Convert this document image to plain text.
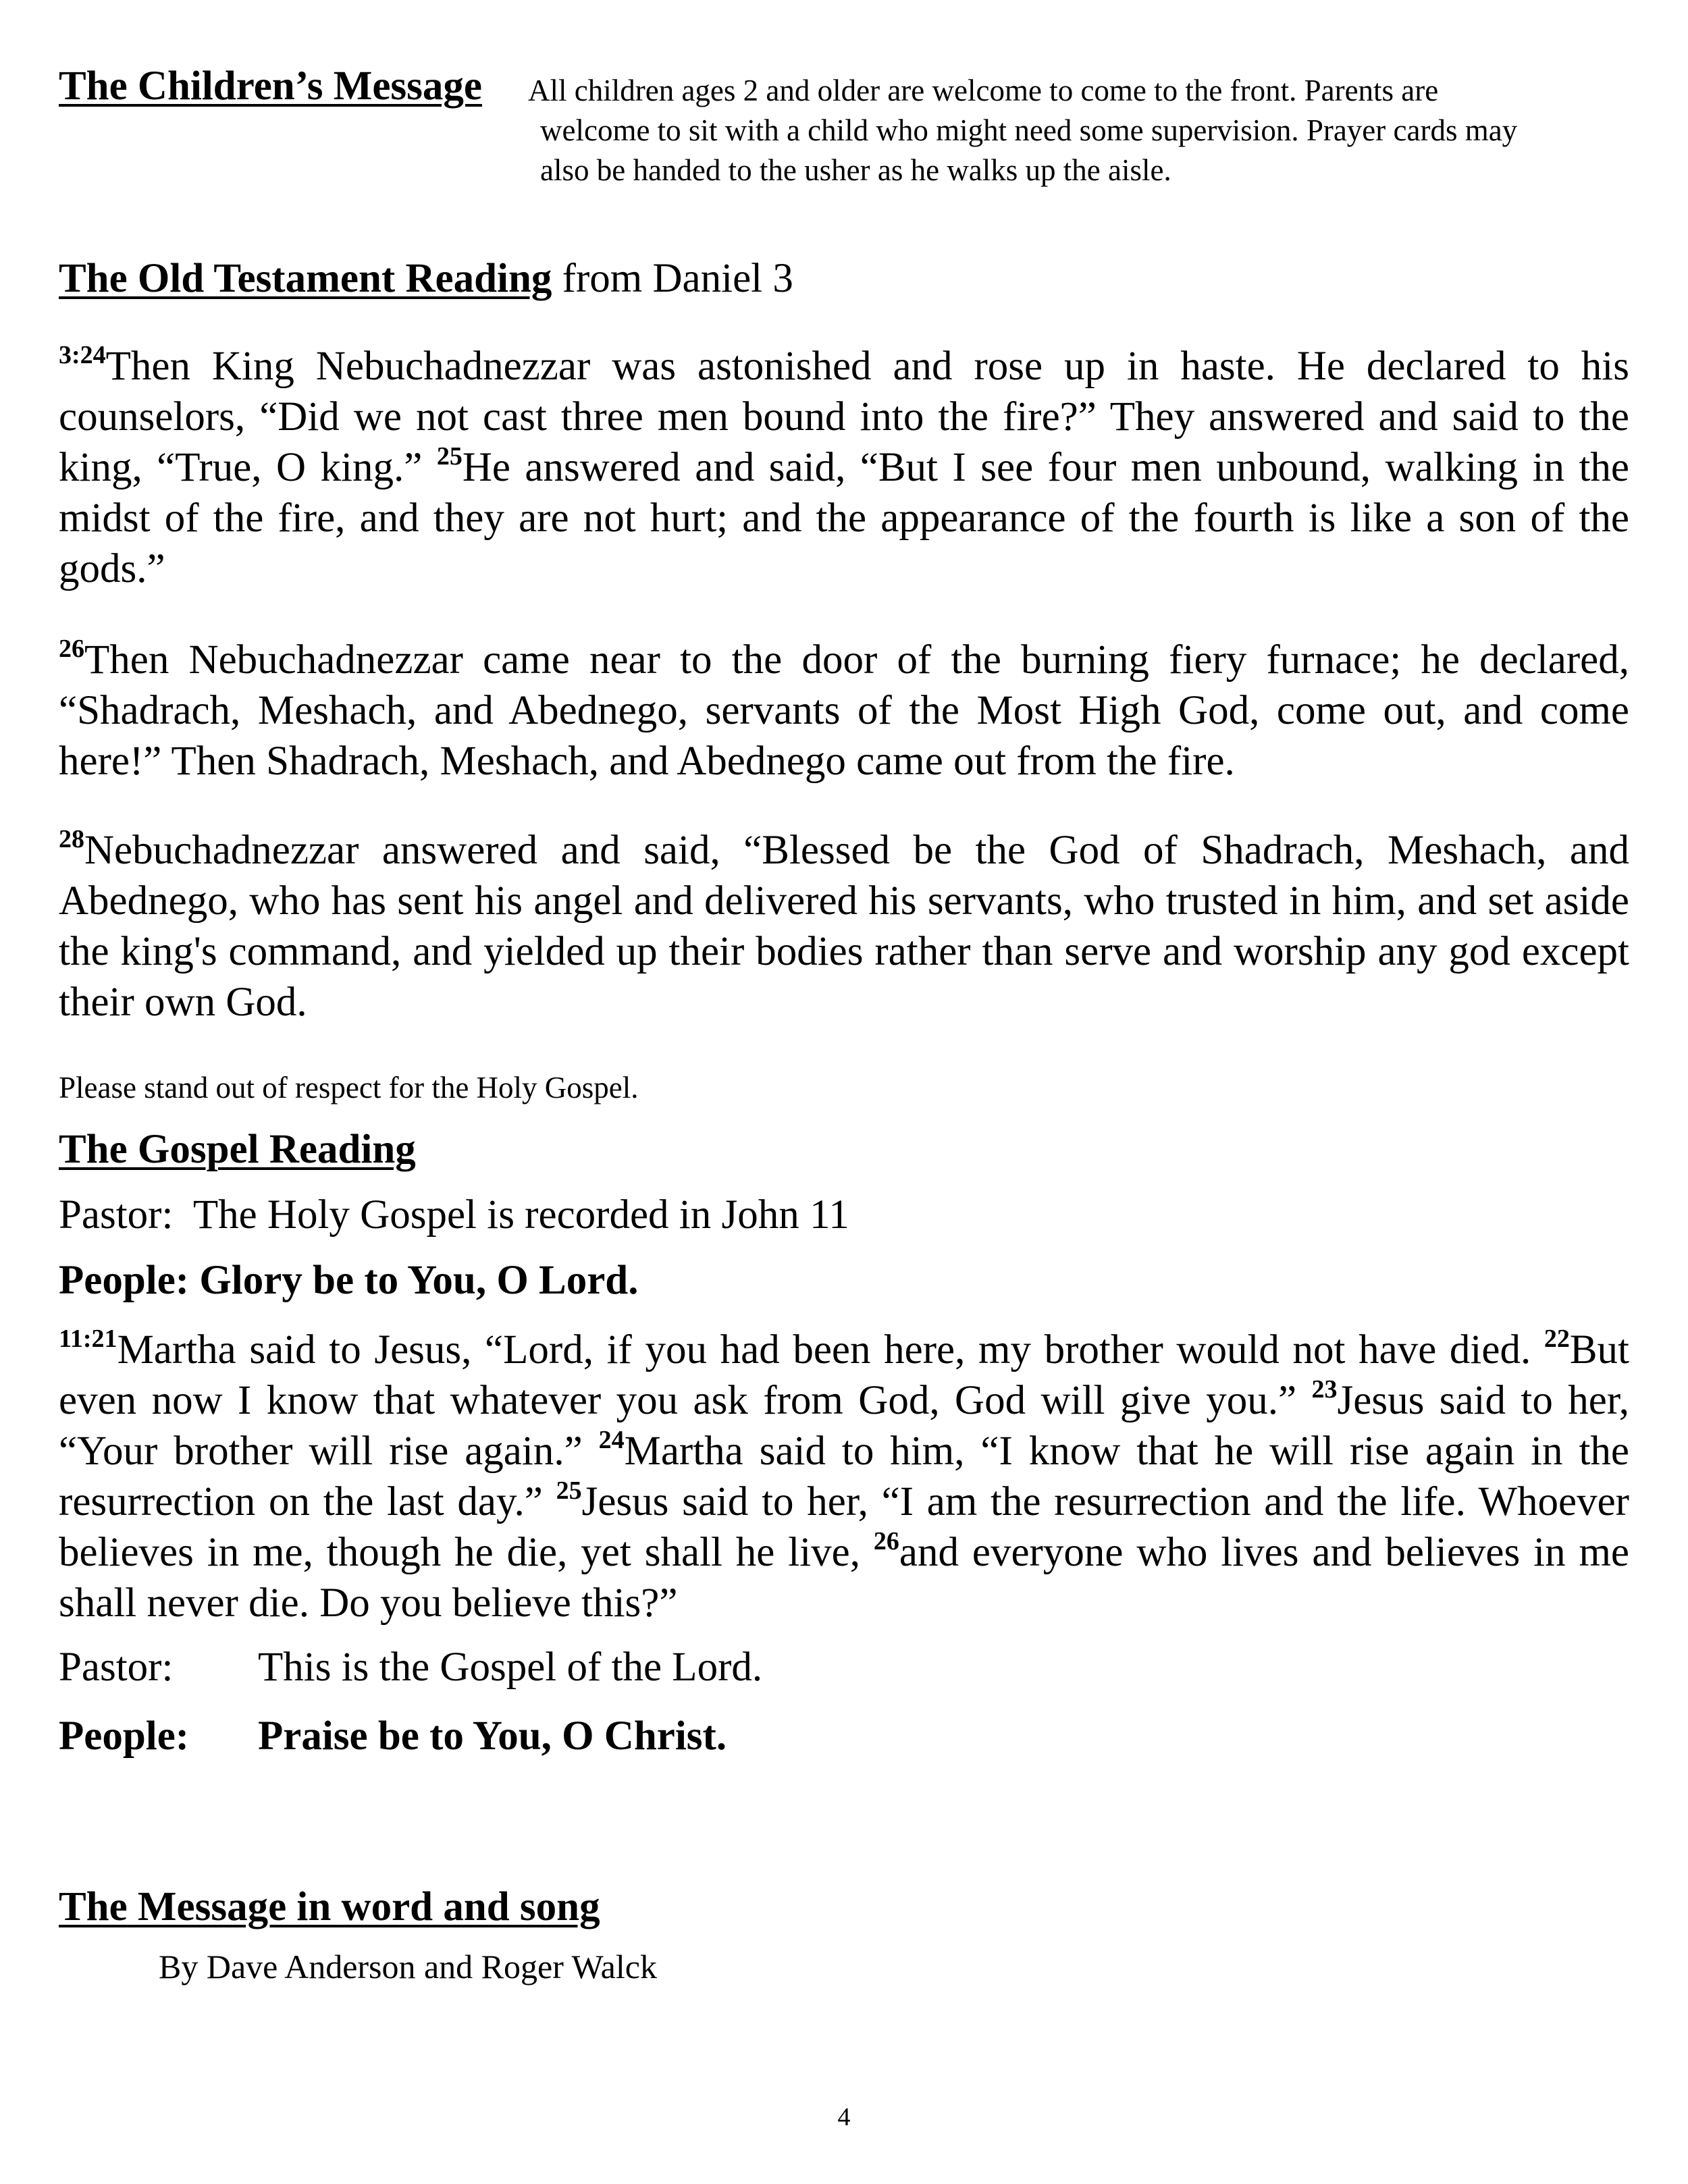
The Children’s Message All children ages 2 and older are welcome to come to the front. Parents are
welcome to sit with a child who might need some supervision. Prayer cards may
also be handed to the usher as he walks up the aisle.
The Old Testament Reading from Daniel 3
$^{3:24}$Then King Nebuchadnezzar was astonished and rose up in haste. He declared to his counselors, “Did we not cast three men bound into the fire?” They answered and said to the king, “True, O king.” $^{25}$He answered and said, “But I see four men unbound, walking in the midst of the fire, and they are not hurt; and the appearance of the fourth is like a son of the gods.”
$^{26}$Then Nebuchadnezzar came near to the door of the burning fiery furnace; he declared, “Shadrach, Meshach, and Abednego, servants of the Most High God, come out, and come here!” Then Shadrach, Meshach, and Abednego came out from the fire.
$^{28}$Nebuchadnezzar answered and said, “Blessed be the God of Shadrach, Meshach, and Abednego, who has sent his angel and delivered his servants, who trusted in him, and set aside the king's command, and yielded up their bodies rather than serve and worship any god except their own God.
Please stand out of respect for the Holy Gospel.
The Gospel Reading
Pastor:  The Holy Gospel is recorded in John 11
People: Glory be to You, O Lord.
$^{11:21}$Martha said to Jesus, “Lord, if you had been here, my brother would not have died. $^{22}$But even now I know that whatever you ask from God, God will give you.” $^{23}$Jesus said to her, “Your brother will rise again.” $^{24}$Martha said to him, “I know that he will rise again in the resurrection on the last day.” $^{25}$Jesus said to her, “I am the resurrection and the life. Whoever believes in me, though he die, yet shall he live, $^{26}$and everyone who lives and believes in me shall never die. Do you believe this?”
Pastor: This is the Gospel of the Lord.
People: Praise be to You, O Christ.
The Message in word and song
By Dave Anderson and Roger Walck
4
